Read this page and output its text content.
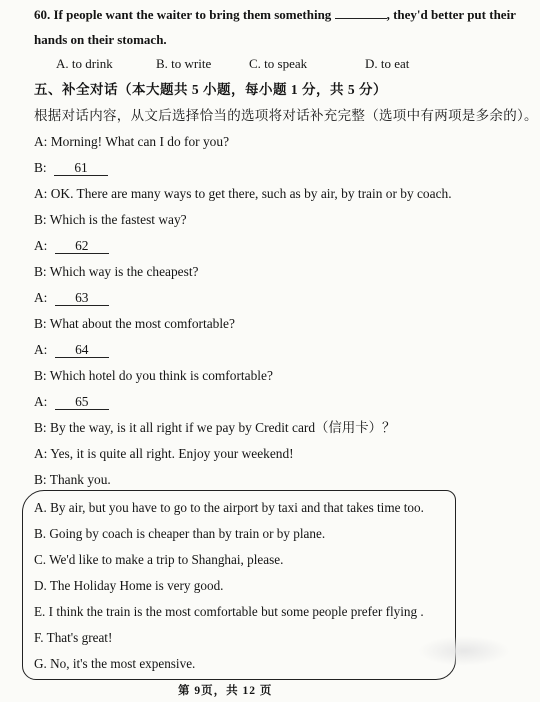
60. If people want the waiter to bring them something	, they'd better put their
hands on their stomach.
A. to drink	B. to write	C. to speak	D. to eat
五、补全对话（本大题共 5 小题，每小题 1 分，共 5 分）
根据对话内容，从文后选择恰当的选项将对话补充完整（选项中有两项是多余的）。
A: Morning! What can I do for you?
B: 61
A: OK. There are many ways to get there, such as by air, by train or by coach.
B: Which is the fastest way?
A: 62
B: Which way is the cheapest?
A: 63
B: What about the most comfortable?
A: 64
B: Which hotel do you think is comfortable?
A: 65
B: By the way, is it all right if we pay by Credit card（信用卡）？
A: Yes, it is quite all right. Enjoy your weekend!
B: Thank you.
A. By air, but you have to go to the airport by taxi and that takes time too.
B. Going by coach is cheaper than by train or by plane.
C. We'd like to make a trip to Shanghai, please.
D. The Holiday Home is very good.
E. I think the train is the most comfortable but some people prefer flying .
F. That's great!
G. No, it's the most expensive.
第 9页，共 12 页
